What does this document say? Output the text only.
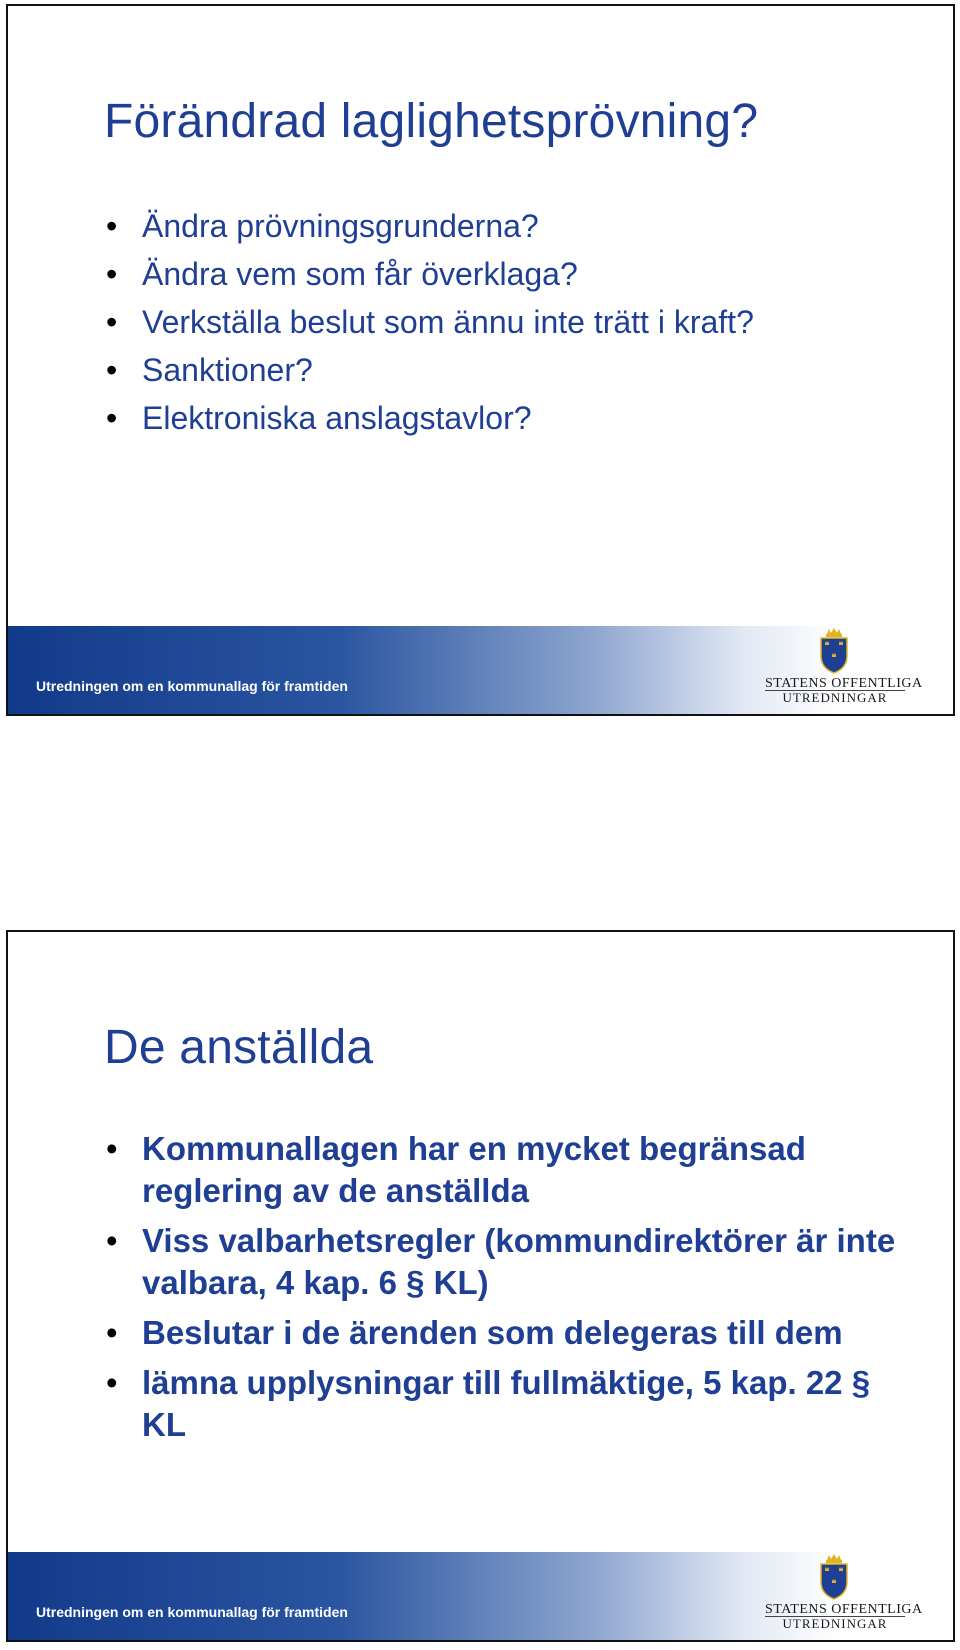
Förändrad laglighetsprövning?
• Ändra prövningsgrunderna?
• Ändra vem som får överklaga?
• Verkställa beslut som ännu inte trätt i kraft?
• Sanktioner?
• Elektroniska anslagstavlor?
Utredningen om en kommunallag för framtiden	STATENS OFFENTLIGA
UTREDNINGAR
De anställda
• Kommunallagen har en mycket begränsad reglering av de anställda
• Viss valbarhetsregler (kommundirektörer är inte valbara, 4 kap. 6 § KL)
• Beslutar i de ärenden som delegeras till dem
• lämna upplysningar till fullmäktige, 5 kap. 22 § KL
Utredningen om en kommunallag för framtiden	STATENS OFFENTLIGA
UTREDNINGAR
